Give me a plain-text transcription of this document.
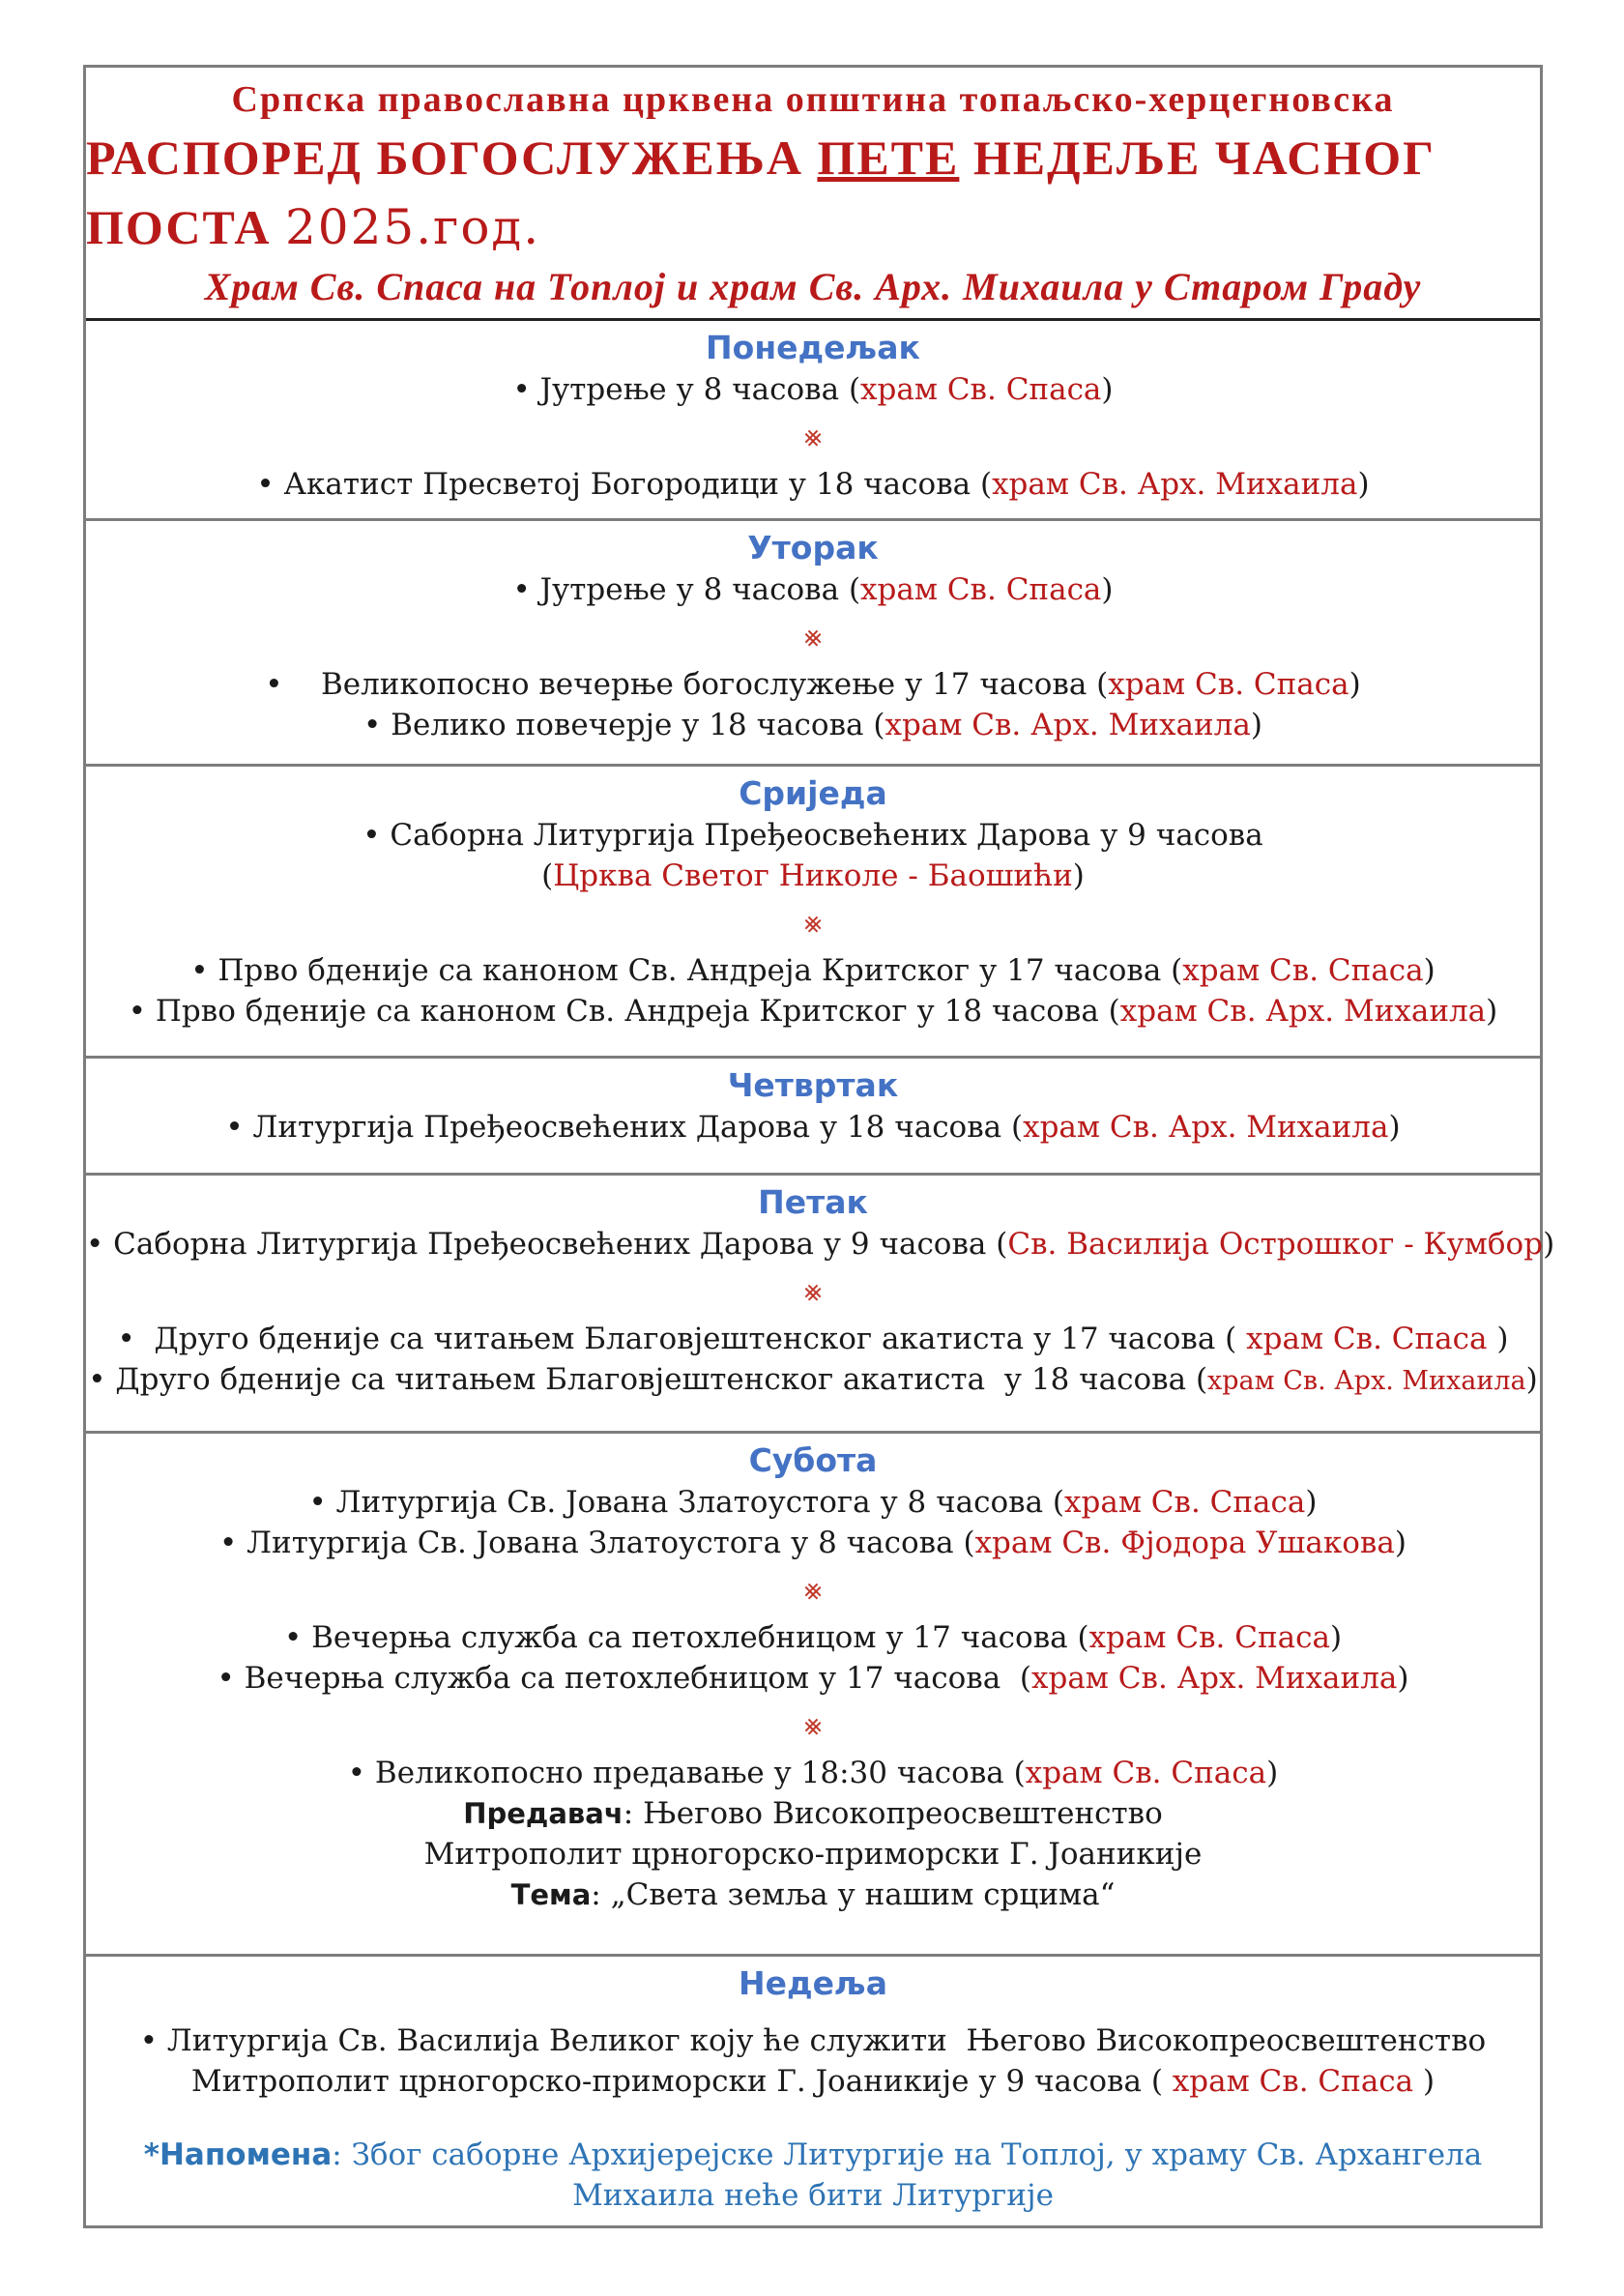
Српска православна црквена општина топаљско-херцегновска
РАСПОРЕД БОГОСЛУЖЕЊА ПЕТЕ НЕДЕЉЕ ЧАСНОГ ПОСТА 2025.год.
Храм Св. Спаса на Топлој и храм Св. Арх. Михаила у Старом Граду
Понедељак
• Јутрење у 8 часова (храм Св. Спаса)
⨳
• Акатист Пресветој Богородици у 18 часова (храм Св. Арх. Михаила)
Уторак
• Јутрење у 8 часова (храм Св. Спаса)
⨳
•    Великопосно вечерње богослужење у 17 часова (храм Св. Спаса)
• Велико повечерје у 18 часова (храм Св. Арх. Михаила)
Сриједа
• Саборна Литургија Пређеосвећених Дарова у 9 часова
(Црква Светог Николе - Баошићи)
⨳
• Прво бденије са каноном Св. Андреја Критског у 17 часова (храм Св. Спаса)
• Прво бденије са каноном Св. Андреја Критског у 18 часова (храм Св. Арх. Михаила)
Четвртак
• Литургија Пређеосвећених Дарова у 18 часова (храм Св. Арх. Михаила)
Петак
• Саборна Литургија Пређеосвећених Дарова у 9 часова (Св. Василија Острошког - Кумбор)
⨳
•  Друго бденије са читањем Благовјештенског акатиста у 17 часова ( храм Св. Спаса )
• Друго бденије са читањем Благовјештенског акатиста  у 18 часова (храм Св. Арх. Михаила)
Субота
• Литургија Св. Јована Златоустога у 8 часова (храм Св. Спаса)
• Литургија Св. Јована Златоустога у 8 часова (храм Св. Фјодора Ушакова)
⨳
• Вечерња служба са петохлебницом у 17 часова (храм Св. Спаса)
• Вечерња служба са петохлебницом у 17 часова  (храм Св. Арх. Михаила)
⨳
• Великопосно предавање у 18:30 часова (храм Св. Спаса)
Предавач: Његово Високопреосвештенство
Митрополит црногорско-приморски Г. Јоаникије
Тема: „Света земља у нашим срцима“
Недеља
• Литургија Св. Василија Великог коју ће служити  Његово Високопреосвештенство
Митрополит црногорско-приморски Г. Јоаникије у 9 часова ( храм Св. Спаса )
*Напомена: Због саборне Архијерејске Литургије на Топлој, у храму Св. Архангела
Михаила неће бити Литургије
